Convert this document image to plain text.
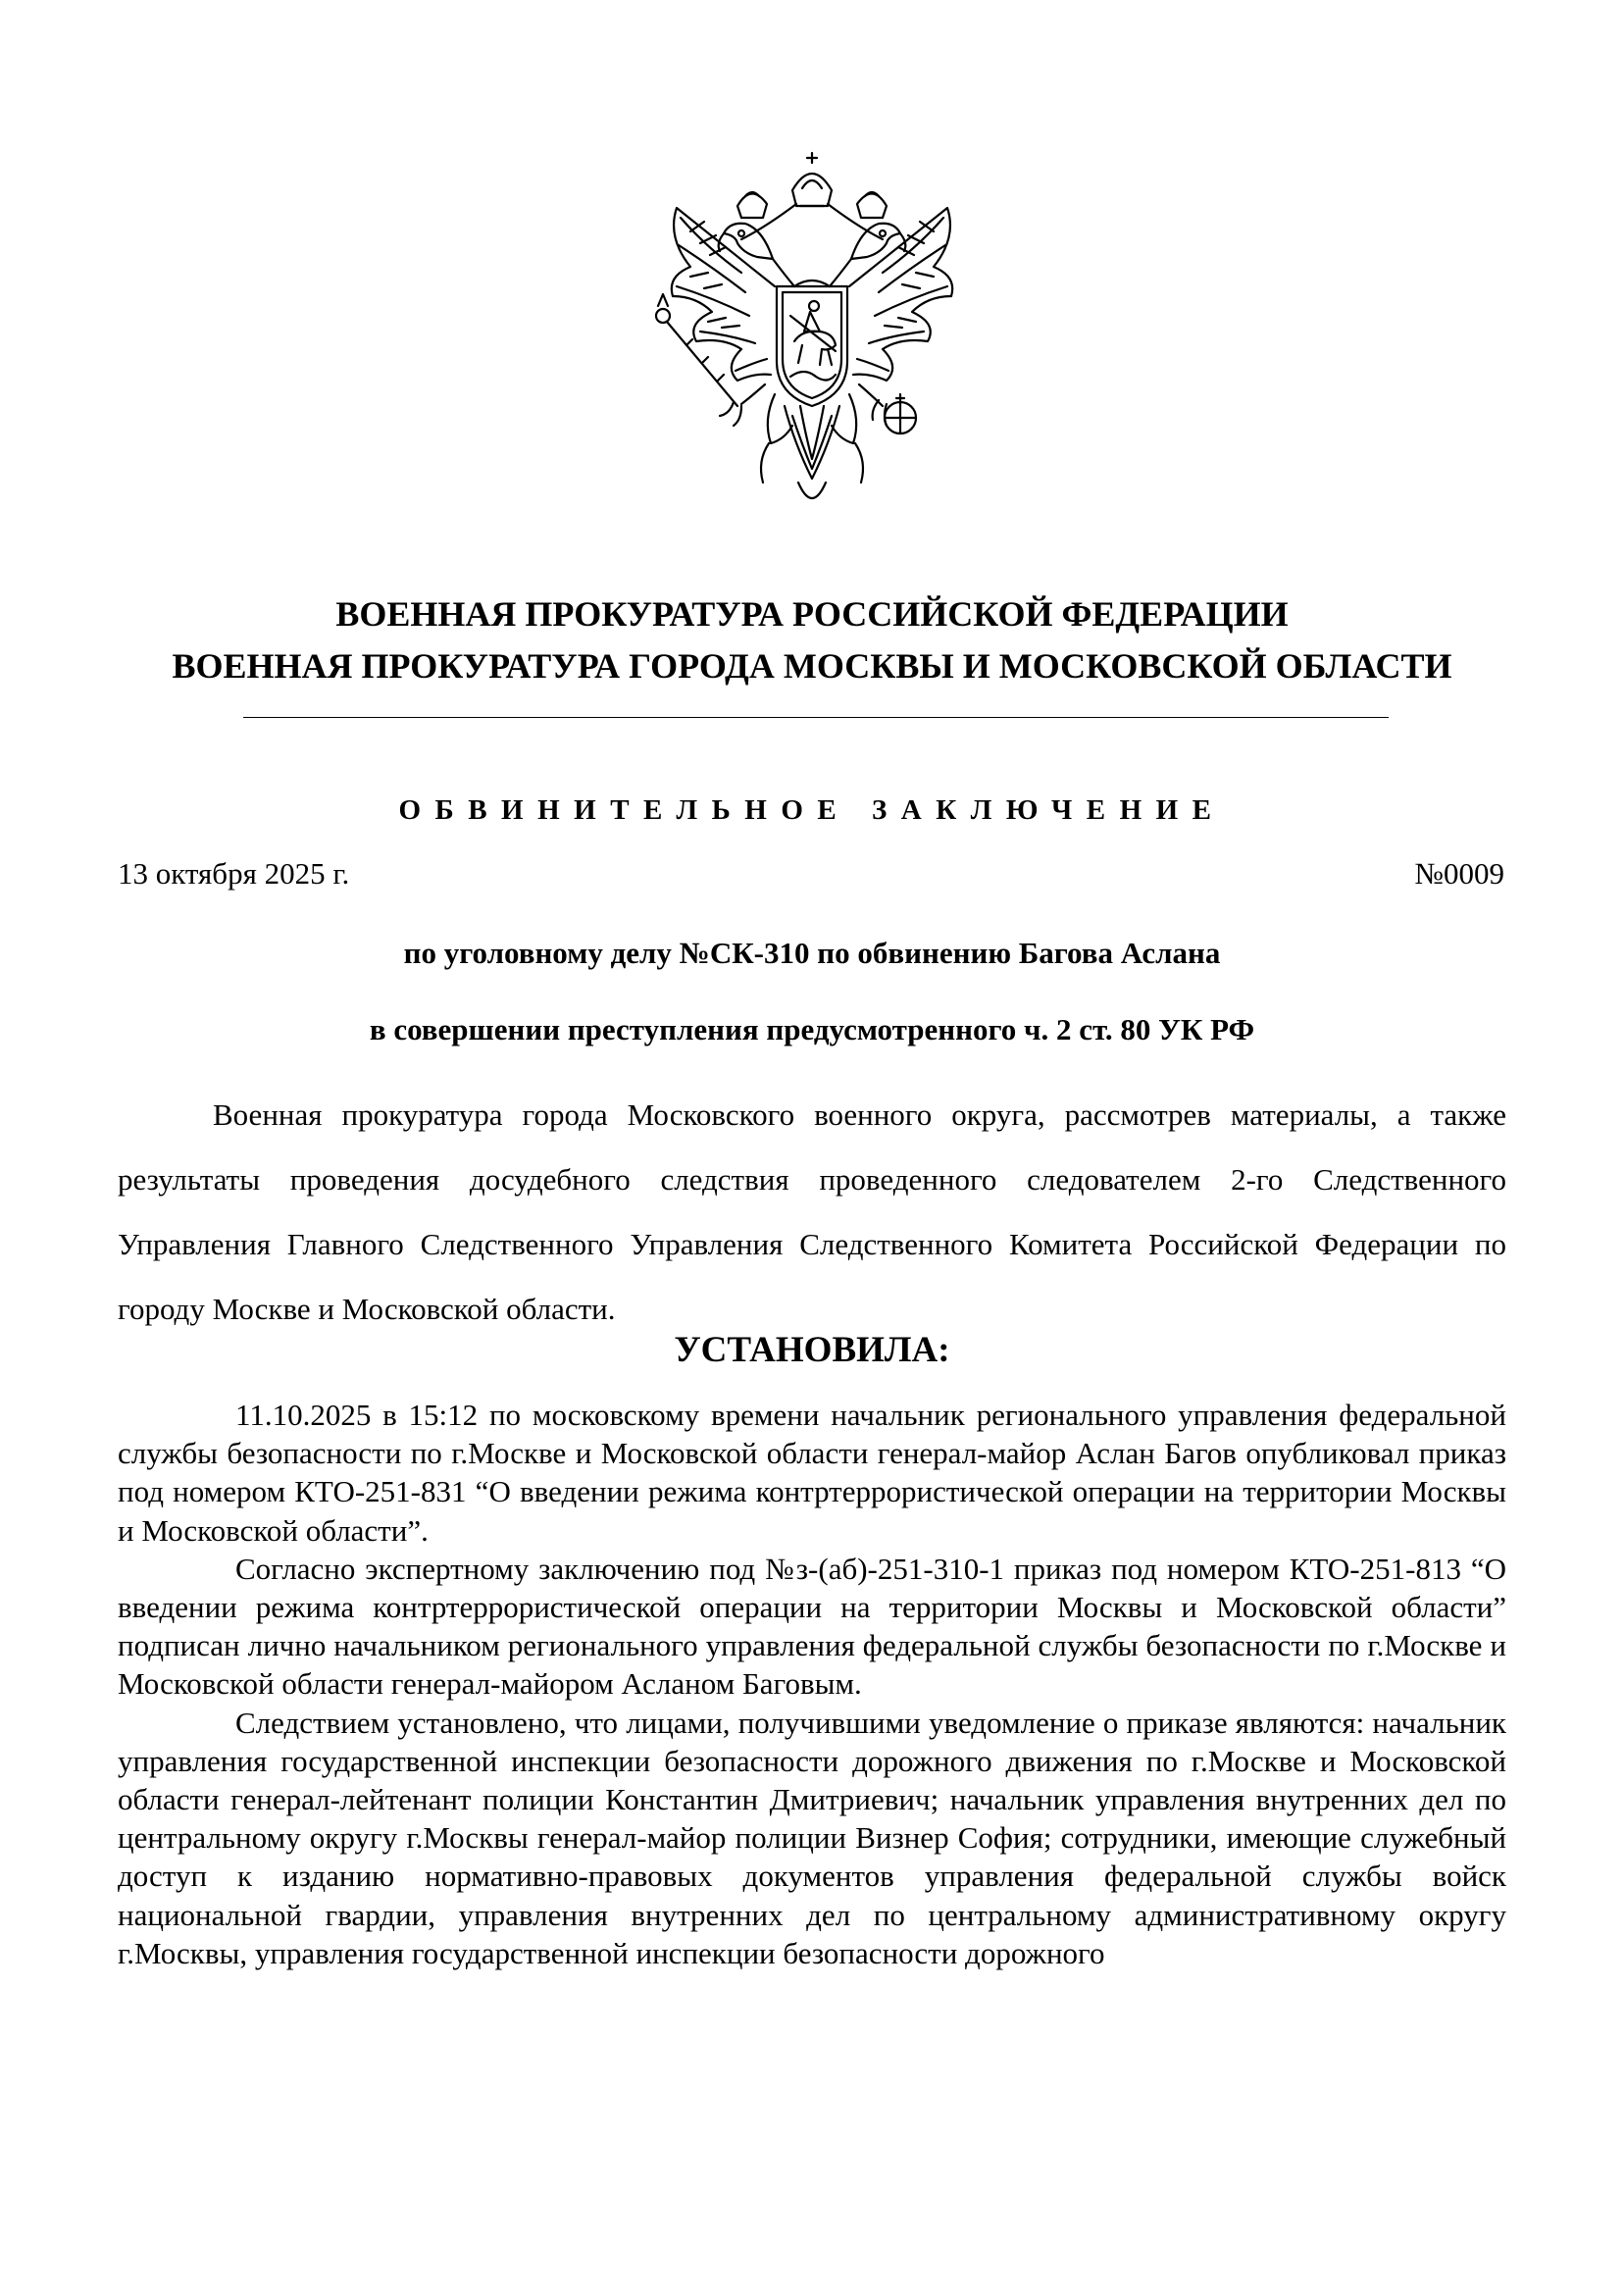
ВОЕННАЯ ПРОКУРАТУРА РОССИЙСКОЙ ФЕДЕРАЦИИ
ВОЕННАЯ ПРОКУРАТУРА ГОРОДА МОСКВЫ И МОСКОВСКОЙ ОБЛАСТИ
ОБВИНИТЕЛЬНОЕ ЗАКЛЮЧЕНИЕ
13 октября 2025 г.	№0009
по уголовному делу №СК-310 по обвинению Багова Аслана
в совершении преступления предусмотренного ч. 2 ст. 80 УК РФ

Военная прокуратура города Московского военного округа, рассмотрев материалы, а также результаты проведения досудебного следствия проведенного следователем 2-го Следственного Управления Главного Следственного Управления Следственного Комитета Российской Федерации по городу Москве и Московской области.

УСТАНОВИЛА:

11.10.2025 в 15:12 по московскому времени начальник регионального управления федеральной службы безопасности по г.Москве и Московской области генерал-майор Аслан Багов опубликовал приказ под номером КТО-251-831 “О введении режима контртеррористической операции на территории Москвы и Московской области”.

Согласно экспертному заключению под №з-(аб)-251-310-1 приказ под номером КТО-251-813 “О введении режима контртеррористической операции на территории Москвы и Московской области” подписан лично начальником регионального управления федеральной службы безопасности по г.Москве и Московской области генерал-майором Асланом Баговым.

Следствием установлено, что лицами, получившими уведомление о приказе являются: начальник управления государственной инспекции безопасности дорожного движения по г.Москве и Московской области генерал-лейтенант полиции Константин Дмитриевич; начальник управления внутренних дел по центральному округу г.Москвы генерал-майор полиции Визнер София; сотрудники, имеющие служебный доступ к изданию нормативно-правовых документов управления федеральной службы войск национальной гвардии, управления внутренних дел по центральному административному округу г.Москвы, управления государственной инспекции безопасности дорожного
